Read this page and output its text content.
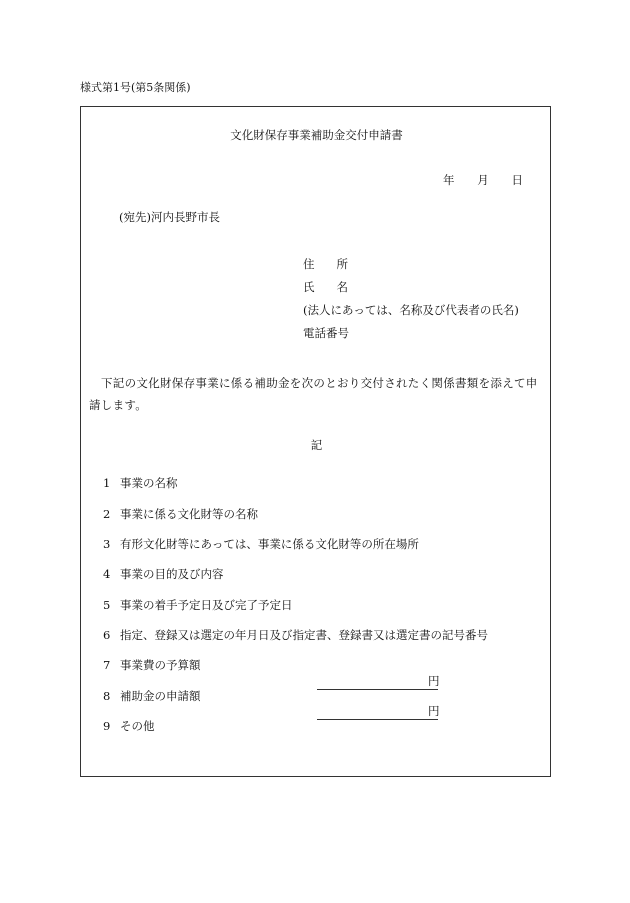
様式第1号(第5条関係)
文化財保存事業補助金交付申請書
年 月 日
(宛先)河内長野市長
住 所
氏 名
(法人にあっては、名称及び代表者の氏名)
電話番号
下記の文化財保存事業に係る補助金を次のとおり交付されたく関係書類を添えて申請します。
記
1 事業の名称
2 事業に係る文化財等の名称
3 有形文化財等にあっては、事業に係る文化財等の所在場所
4 事業の目的及び内容
5 事業の着手予定日及び完了予定日
6 指定、登録又は選定の年月日及び指定書、登録書又は選定書の記号番号
7 事業費の予算額
8 補助金の申請額
9 その他
円
円
